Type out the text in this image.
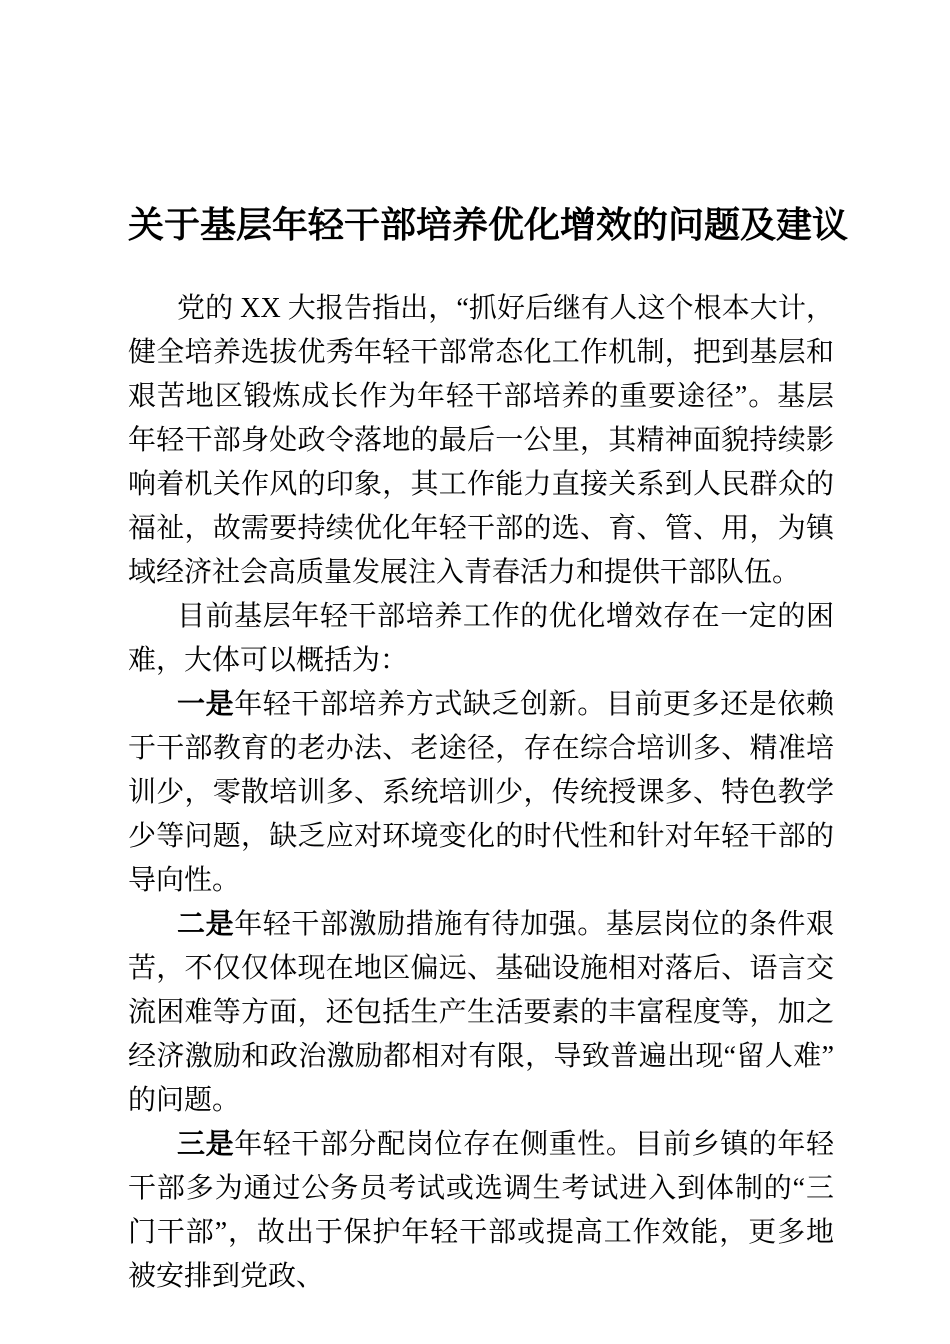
关于基层年轻干部培养优化增效的问题及建议

党的 XX 大报告指出，“抓好后继有人这个根本大计，健全培养选拔优秀年轻干部常态化工作机制，把到基层和艰苦地区锻炼成长作为年轻干部培养的重要途径”。基层年轻干部身处政令落地的最后一公里，其精神面貌持续影响着机关作风的印象，其工作能力直接关系到人民群众的福祉，故需要持续优化年轻干部的选、育、管、用，为镇域经济社会高质量发展注入青春活力和提供干部队伍。

目前基层年轻干部培养工作的优化增效存在一定的困难，大体可以概括为：

一是年轻干部培养方式缺乏创新。目前更多还是依赖于干部教育的老办法、老途径，存在综合培训多、精准培训少，零散培训多、系统培训少，传统授课多、特色教学少等问题，缺乏应对环境变化的时代性和针对年轻干部的导向性。

二是年轻干部激励措施有待加强。基层岗位的条件艰苦，不仅仅体现在地区偏远、基础设施相对落后、语言交流困难等方面，还包括生产生活要素的丰富程度等，加之经济激励和政治激励都相对有限，导致普遍出现“留人难”的问题。

三是年轻干部分配岗位存在侧重性。目前乡镇的年轻干部多为通过公务员考试或选调生考试进入到体制的“三门干部”，故出于保护年轻干部或提高工作效能，更多地被安排到党政、
